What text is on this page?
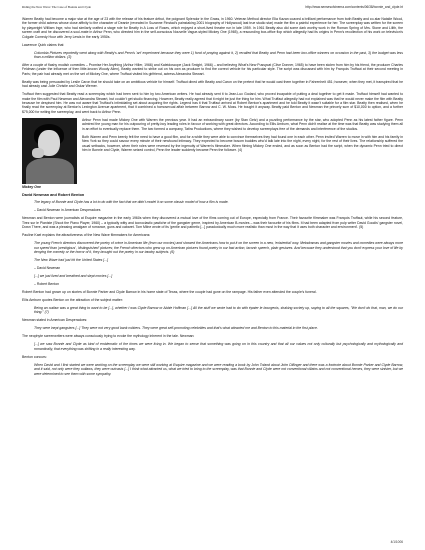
Riding the New Wave: The Case of Bonnie and Clyde	http://www.sensesofcinema.com/contents/06/38/bonnie_and_clyde.ht

Warren Beatty had become a major star at the age of 23 with the release of his feature début, the poignant Splendor in the Grass, in 1960. Veteran Method director Elia Kazan coaxed a brilliant performance from both Beatty and co-star Natalie Wood, the former child actress whose close affinity to the character of Deanie (revealed in Suzanne Finstad's painstaking 2001 biography of Hollywood) last true studio star) made the film a painful experience for her. The screenplay was written for the screen by playwright William Inge, who had similarly crafted a stage role for Beatty in A Loss of Roses, which enjoyed a short-lived theatre run in late 1959. In 1961 Beatty also did some dark worthy work in the Roman Spring of Mrs. Stone and Lilith, the screen craft and he discovered a soul-mate in Arthur Penn, who directed him in the self-conscious Nouvelle Vague-styled Mickey One (1965), a resounding box-office flop which allegedly had its origins in Penn's recollection of his work on television's Colgate Comedy Hour with Jerry Lewis in the early 1950s.

Lawrence Quirk claims that

Columbia Pictures reportedly went along with Beatty's and Penn's 'art' experiment because they were 1) fond of praying against it, 2) recalled that Beatty and Penn had been box-office winners on occasion in the past, 3) the budget was less than a million dollars. (3)

After a couple of flashy modish comedies – Promise Her Anything (Arthur Hiller, 1966) and Kaleidoscope (Jack Smight, 1966) – and believing What's New Pussycat (Clive Donner, 1965) to have been stolen from him by his friend, the producer Charles Feldman (under the influence of then little-known Woody Allen), Beatty wanted to strike out on his own as producer to find the correct vehicle for his particular style. The script was discussed with him by François Truffaut at their second meeting in Paris; the pair had already met on the set of Mickey One, where Truffaut visited his girlfriend, actress Alexandra Stewart.

Beatty was being persuaded by Leslie Caron that he should take on an ambitious vehicle for himself. Truffaut dined with Beatty and Caron on the pretext that he would cast them together in Fahrenheit 451; however, when they met, it transpired that he had already cast Julie Christie and Oskar Werner.

Truffaut then suggested that Beatty read a screenplay which had been sent to him by two American writers. He had already sent it to Jean-Luc Godard, who proved incapable of putting a deal together to get it made. Truffaut himself had wanted to make the film with Paul Newman and Alexandra Stewart, but couldn't get studio financing. However, Beatty really agreed that it might be just the thing for him. What Truffaut allegedly had not explained was that he would never make the film with Beatty because he despised him. He was not aware that Truffaut's intimidating set about acquiring the rights. Legend has it that Truffaut arrived at Robert Benton's apartment and he told Beatty it wasn't suitable for a film star. Beatty then realised, when he finally read the screenplay at Benton's Lexington Avenue apartment, that it combined a homosexual affair between Barrow and C. W. Moss. He bought it anyway. Beatty paid Benton and Newman the princely sum of $10,000 to option, and a further $75,000 for writing the screenplay, and went back to Arthur Penn.

Mickey One

Arthur Penn had made Mickey One with Warren the previous year. It had an extraordinary score (by Stan Getz) and a puzzling performance by the star, who adopted Penn as his latest father figure. Penn admired the young man for his outpouring of pretty-boy leading roles in favour of working with great directors. According to Ellis Amburn, what Penn didn't realise at the time was that Beatty was studying them all in an effort to eventually replace them. The two formed a company, Tatira Productions, where they wished to develop screenplays free of the demands and interference of the studios.

Both Warren and Penn keenly felt the need to have a good film, and for a while they were able to convince themselves they had found one in each other. Penn invited Warren to move in with him and his family in New York so they could savour every minute of their newfound intimacy. They expected to become bosom buddies who'd talk late into the night, every night, for the rest of their lives. The relationship suffered the usual setbacks, however, when their roles were reversed by the ingenuity of Warren's filmmaker. When filming Mickey One ended, and as soon as Benton had the script, when the dynamic Penn tried to direct him in Bonnie and Clyde, Warren seized control, Penn the leader suddenly became Penn the follower. (4)

David Newman and Robert Benton

The legacy of Bonnie and Clyde has a lot to do with the fact that we didn't model it on some classic model of how a film is made.

– David Newman in American Desperadoes

Newman and Benton were journalists at Esquire magazine in the early 1960s when they discovered a mutual love of the films coming out of Europe, especially from France. Their favourite filmmaker was François Truffaut, while his second feature, Tirez sur le Pianiste (Shoot the Piano Player, 1960) – a typically witty and iconoclastic pastiche of the gangster genre, inspired by American B-movies – was their favourite of his films. It had been adapted from pulp writer David Goodis' gangster novel, Down There, and was a pleasing amalgam of romance, guns and cabaret. Tom Milne wrote of its 'gentle and pathetic [...] paradoxically much more realistic than most in the way that it uses both character and environment'. (5)

Pauline Kael explains the attractiveness of the New Wave filmmakers for Americans:

The young French directors discovered the poetry of crime in American life (from our movies) and showed the Americans how to put it on the screen in a new, 'existential' way. Melodramas and gangster movies and comedies were always more our speed than 'prestigious', 'distinguished' pictures; the French directors who grew up on American pictures found poetry in our fast action, laconic speech, plain gestures. And because they understood that you don't express your love of life by denying the comedy or the horror of it, they brought out the poetry in our tawdry subjects. (6)

The New Wave had just hit the United States [...]

– David Newman

[...] we just lived and breathed and slept movies [...]

– Robert Benton

Robert Benton had grown up on stories of Bonnie Parker and Clyde Barrow in his home state of Texas, where the couple had gone on the rampage. His father even attended the couple's funeral.

Ellis Amburn quotes Benton on the attraction of the subject matter:

Being an outlaw was a great thing to want to be [...], whether I was Clyde Barrow or Abbie Hoffman [...] All the stuff we wrote had to do with épater le bourgeois, shaking society up, saying to all the squares, "We don't do that, man, we do our thing." (7)

Newman stated in American Desperadoes:

They were inept gangsters [...] They were not very good bank robbers. They were great self-promoting celebrities and that's what attracted me and Benton to this material in the first place.

The neophyte screenwriters were always consciously trying to evoke the mythology inherent in the tale. Newman:

[...] we saw Bonnie and Clyde as kind of emblematic of the times we were living in. We began to sense that something was going on in this country and that all our values not only culturally but psychologically and mythologically and romantically, that everything was shifting in a really interesting way.

Benton concurs:

When David and I first started we were working on the screenplay we were still working at Esquire magazine and we were reading a book by John Toland about John Dillinger and there was a footnote about Bonnie Parker and Clyde Barrow, and it said, not only were they outlaws, they were outcasts [...] I think what attracted us, what we tried to bring to the screenplay, was that Bonnie and Clyde were not conventional villains and not conventional heroes, they were sinister, but we were determined to see them with some sympathy.

4/1/1006
